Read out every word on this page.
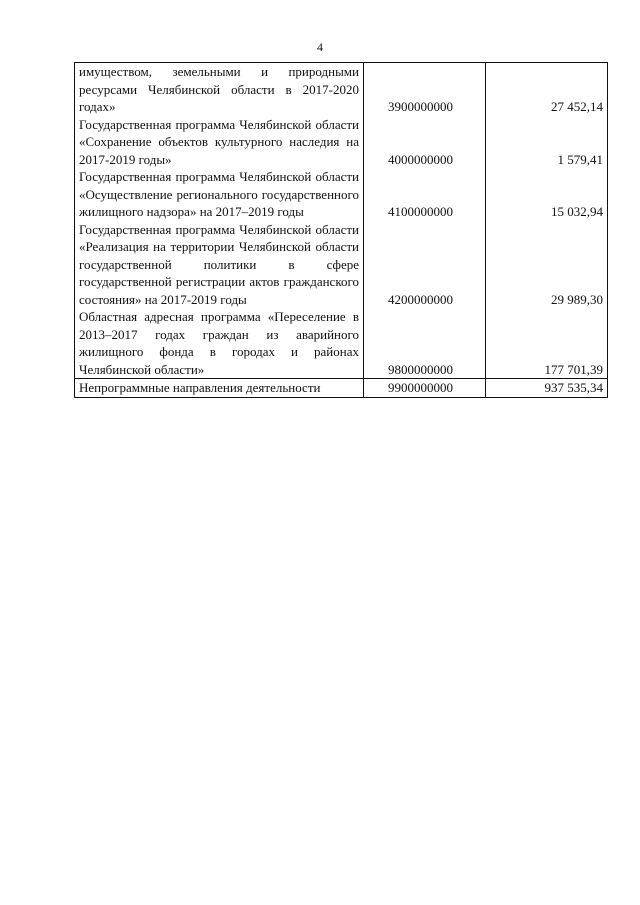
4
имуществом, земельными и природными ресурсами Челябинской области в 2017-2020 годах»	3900000000	27 452,14
Государственная программа Челябинской области «Сохранение объектов культурного наследия на 2017-2019 годы»	4000000000	1 579,41
Государственная программа Челябинской области «Осуществление регионального государственного жилищного надзора» на 2017–2019 годы	4100000000	15 032,94
Государственная программа Челябинской области «Реализация на территории Челябинской области государственной политики в сфере государственной регистрации актов гражданского состояния» на 2017-2019 годы	4200000000	29 989,30
Областная адресная программа «Переселение в 2013–2017 годах граждан из аварийного жилищного фонда в городах и районах Челябинской области»	9800000000	177 701,39
Непрограммные направления деятельности	9900000000	937 535,34
